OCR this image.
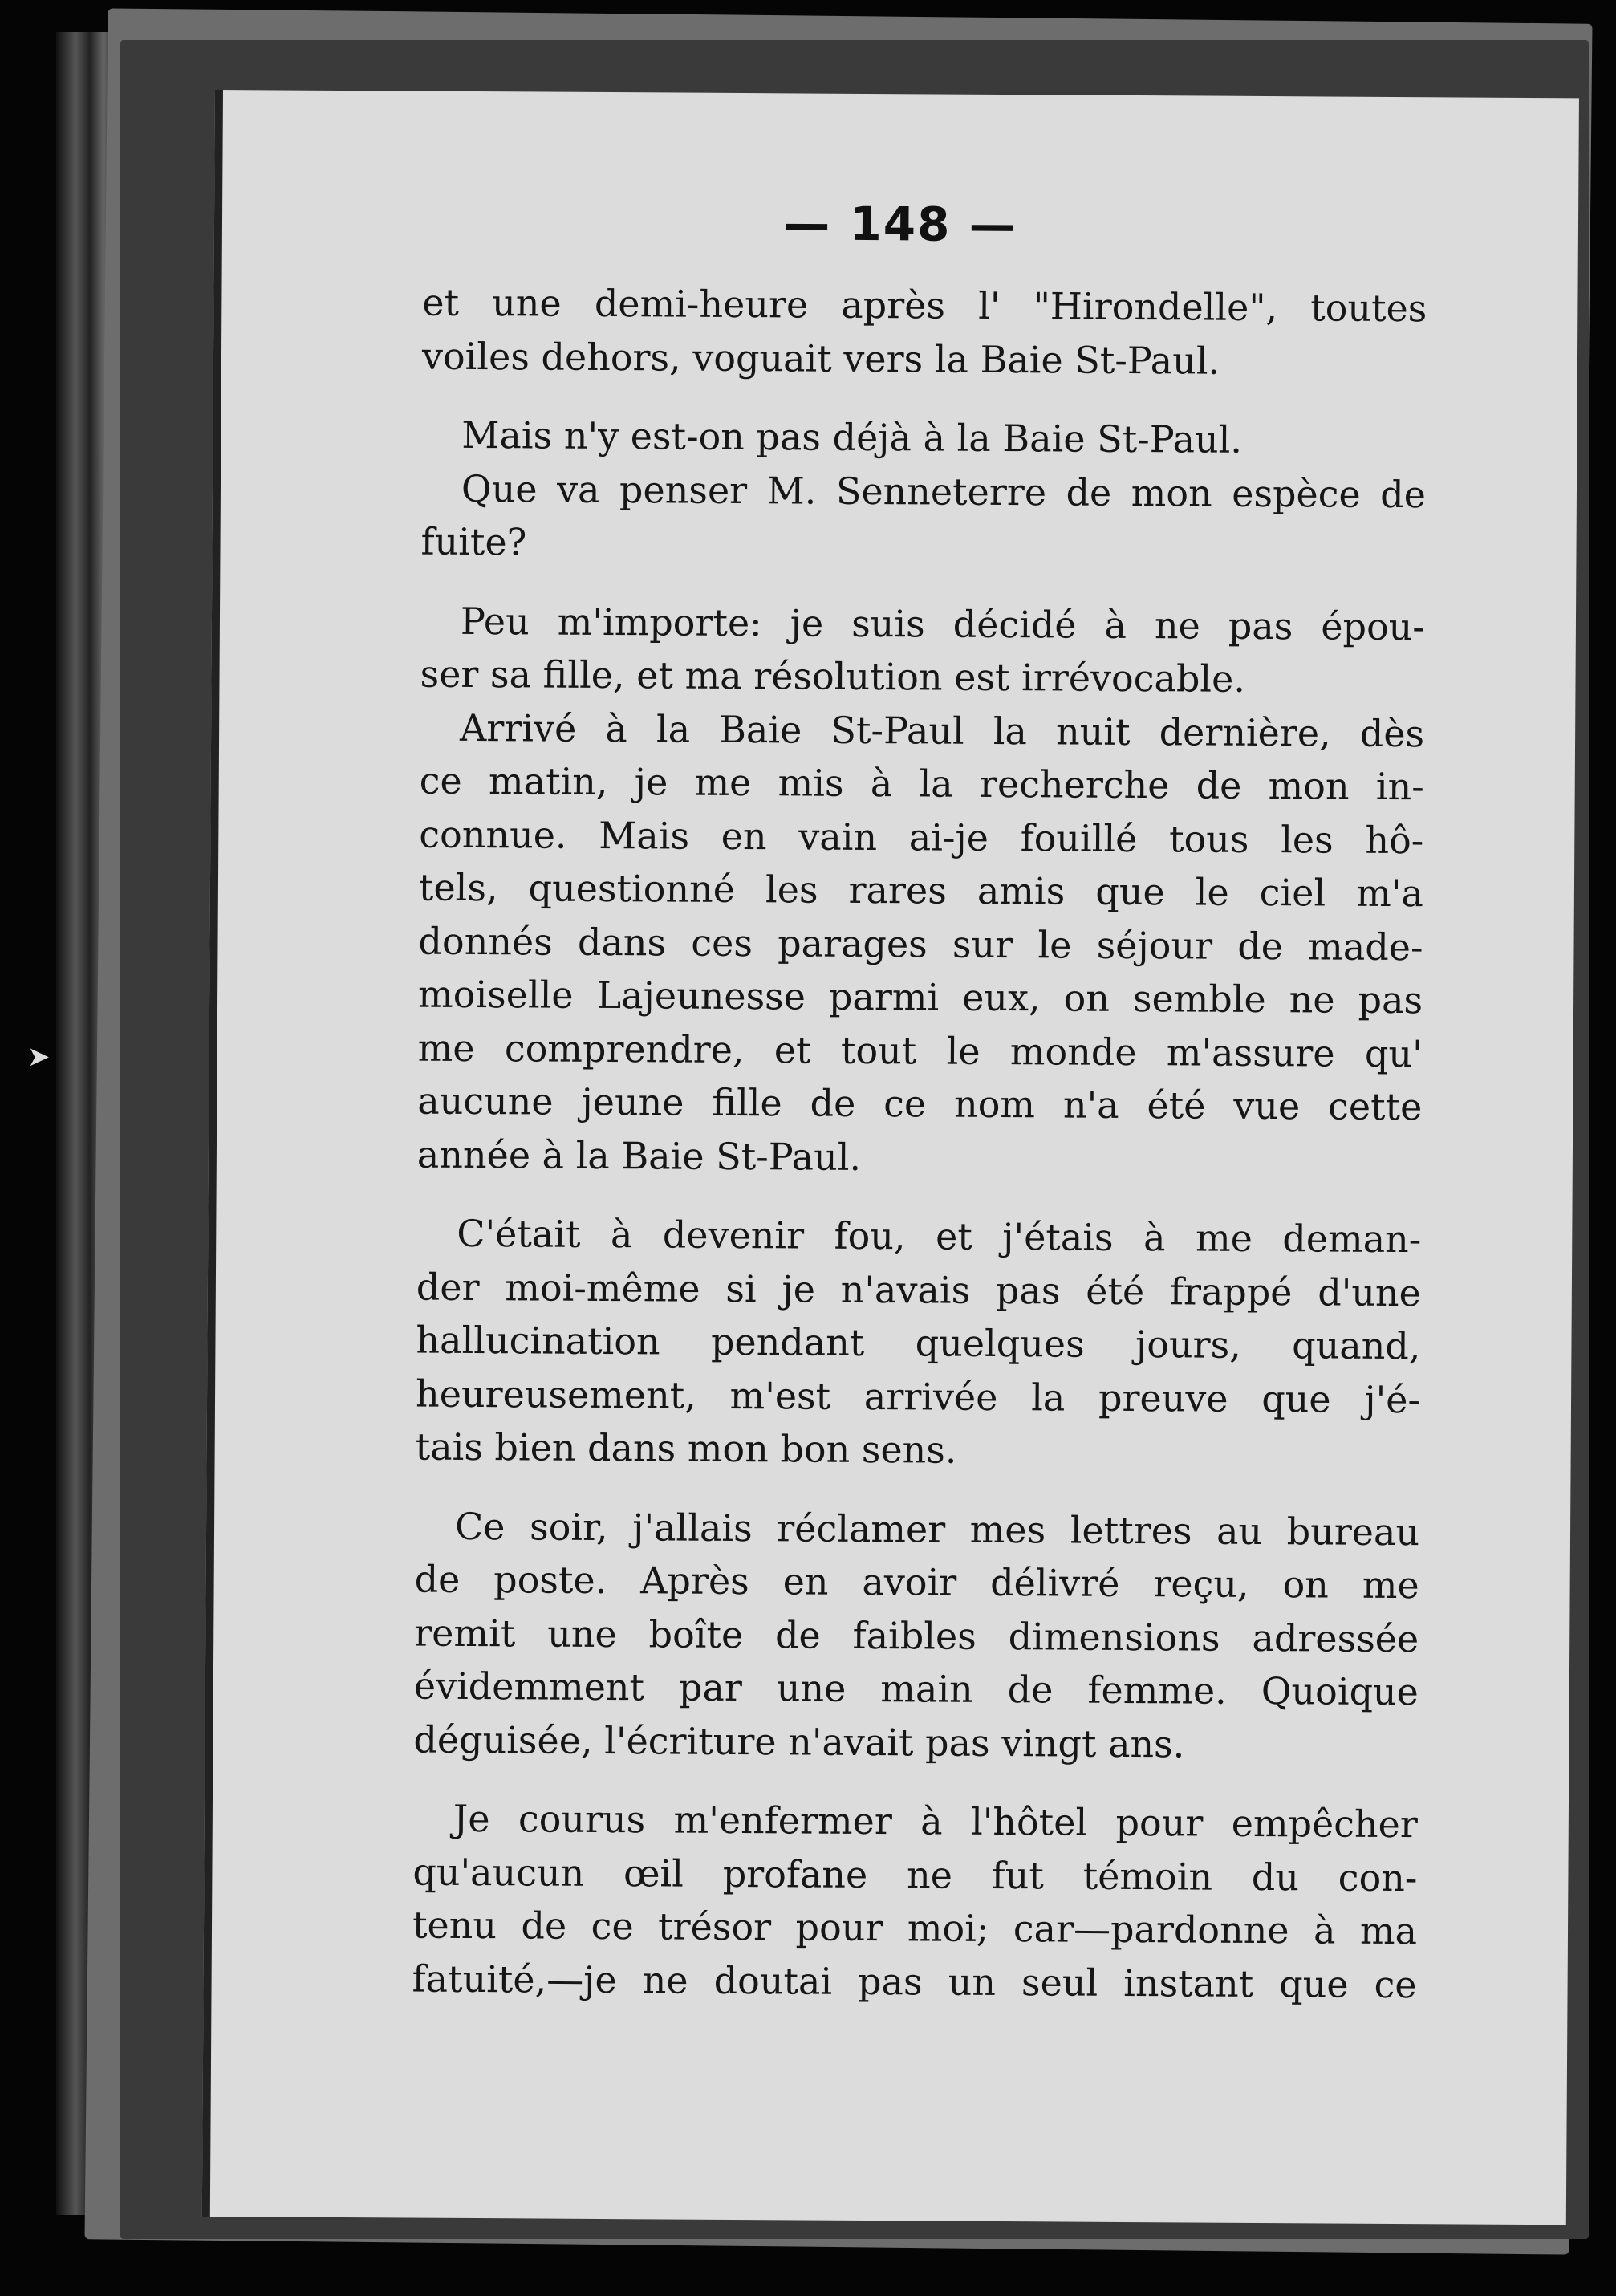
➤
— 148 —
et une demi-heure après l' "Hirondelle", toutes
voiles dehors, voguait vers la Baie St-Paul.
Mais n'y est-on pas déjà à la Baie St-Paul.
Que va penser M. Senneterre de mon espèce de
fuite?
Peu m'importe: je suis décidé à ne pas épou-
ser sa fille, et ma résolution est irrévocable.
Arrivé à la Baie St-Paul la nuit dernière, dès
ce matin, je me mis à la recherche de mon in-
connue. Mais en vain ai-je fouillé tous les hô-
tels, questionné les rares amis que le ciel m'a
donnés dans ces parages sur le séjour de made-
moiselle Lajeunesse parmi eux, on semble ne pas
me comprendre, et tout le monde m'assure qu'
aucune jeune fille de ce nom n'a été vue cette
année à la Baie St-Paul.
C'était à devenir fou, et j'étais à me deman-
der moi-même si je n'avais pas été frappé d'une
hallucination pendant quelques jours, quand,
heureusement, m'est arrivée la preuve que j'é-
tais bien dans mon bon sens.
Ce soir, j'allais réclamer mes lettres au bureau
de poste. Après en avoir délivré reçu, on me
remit une boîte de faibles dimensions adressée
évidemment par une main de femme. Quoique
déguisée, l'écriture n'avait pas vingt ans.
Je courus m'enfermer à l'hôtel pour empêcher
qu'aucun œil profane ne fut témoin du con-
tenu de ce trésor pour moi; car—pardonne à ma
fatuité,—je ne doutai pas un seul instant que ce
